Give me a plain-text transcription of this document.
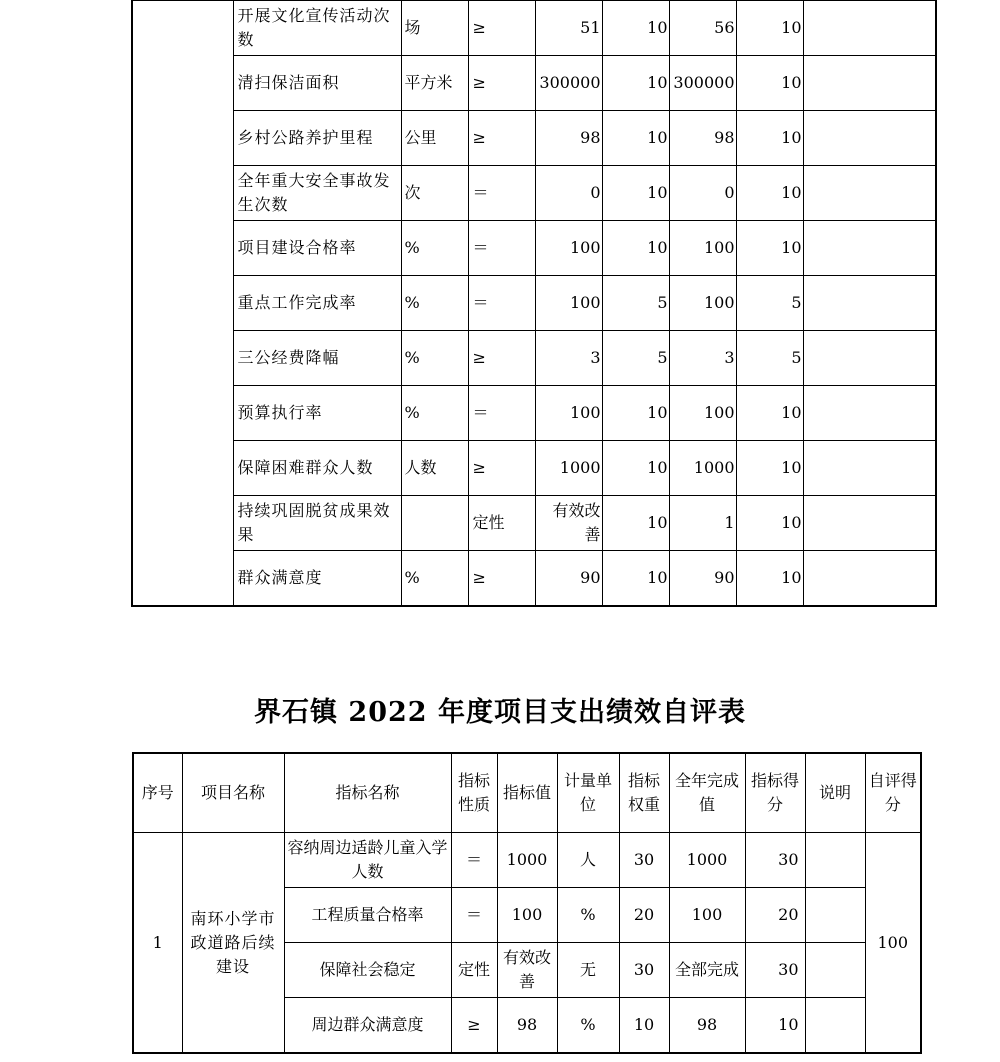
	开展文化宣传活动次数	场	≥	51	10	56	10	
	清扫保洁面积	平方米	≥	300000	10	300000	10	
	乡村公路养护里程	公里	≥	98	10	98	10	
	全年重大安全事故发生次数	次	＝	0	10	0	10	
	项目建设合格率	%	＝	100	10	100	10	
	重点工作完成率	%	＝	100	5	100	5	
	三公经费降幅	%	≥	3	5	3	5	
	预算执行率	%	＝	100	10	100	10	
	保障困难群众人数	人数	≥	1000	10	1000	10	
	持续巩固脱贫成果效果		定性	有效改善	10	1	10	
	群众满意度	%	≥	90	10	90	10	
界石镇 2022 年度项目支出绩效自评表
序号	项目名称	指标名称	指标性质	指标值	计量单位	指标权重	全年完成值	指标得分	说明	自评得分
1	南环小学市政道路后续建设	容纳周边适龄儿童入学人数	＝	1000	人	30	1000	30		100
		工程质量合格率	＝	100	%	20	100	20		
		保障社会稳定	定性	有效改善	无	30	全部完成	30		
		周边群众满意度	≥	98	%	10	98	10		
